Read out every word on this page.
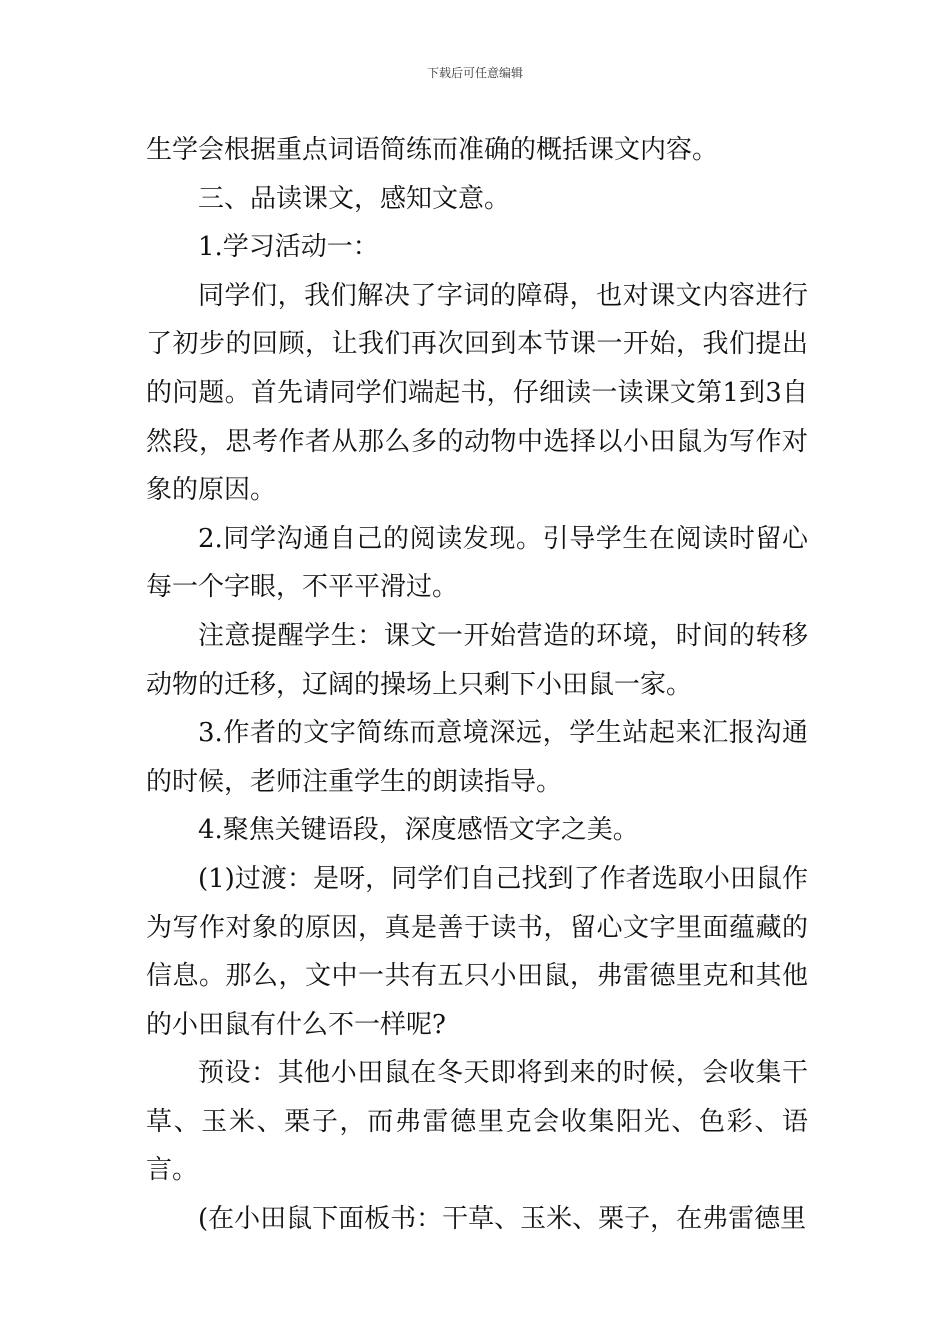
下载后可任意编辑

生学会根据重点词语简练而准确的概括课文内容。

三、品读课文，感知文意。

1.学习活动一：

同学们，我们解决了字词的障碍，也对课文内容进行了初步的回顾，让我们再次回到本节课一开始，我们提出的问题。首先请同学们端起书，仔细读一读课文第1到3自然段，思考作者从那么多的动物中选择以小田鼠为写作对象的原因。

2.同学沟通自己的阅读发现。引导学生在阅读时留心每一个字眼，不平平滑过。

注意提醒学生：课文一开始营造的环境，时间的转移动物的迁移，辽阔的操场上只剩下小田鼠一家。

3.作者的文字简练而意境深远，学生站起来汇报沟通的时候，老师注重学生的朗读指导。

4.聚焦关键语段，深度感悟文字之美。

(1)过渡：是呀，同学们自己找到了作者选取小田鼠作为写作对象的原因，真是善于读书，留心文字里面蕴藏的信息。那么，文中一共有五只小田鼠，弗雷德里克和其他的小田鼠有什么不一样呢?

预设：其他小田鼠在冬天即将到来的时候，会收集干草、玉米、栗子，而弗雷德里克会收集阳光、色彩、语言。

(在小田鼠下面板书：干草、玉米、栗子，在弗雷德里
